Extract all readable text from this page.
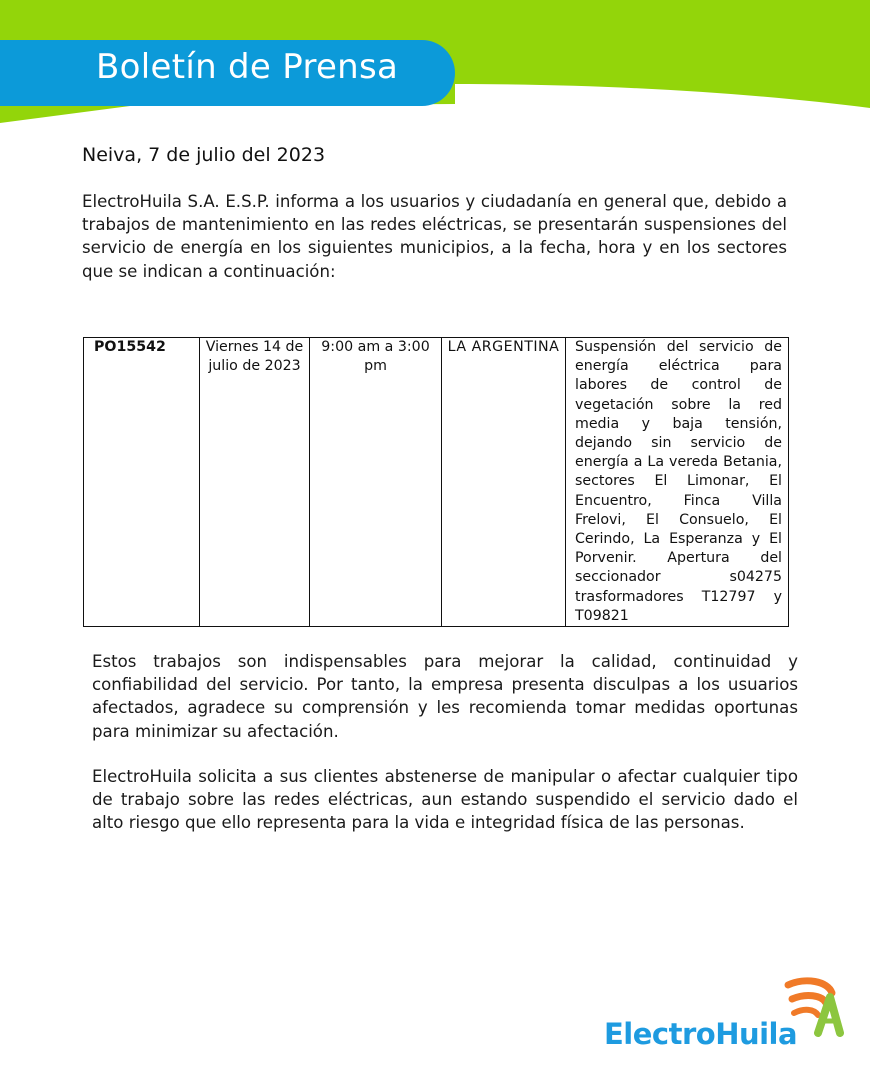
Boletín de Prensa
Neiva, 7 de julio del 2023
ElectroHuila S.A. E.S.P. informa a los usuarios y ciudadanía en general que, debido a trabajos de mantenimiento en las redes eléctricas, se presentarán suspensiones del servicio de energía en los siguientes municipios, a la fecha, hora y en los sectores que se indican a continuación:
PO15542	Viernes 14 de julio de 2023	9:00 am a 3:00 pm	LA ARGENTINA	Suspensión del servicio de energía eléctrica para labores de control de vegetación sobre la red media y baja tensión, dejando sin servicio de energía a La vereda Betania, sectores El Limonar, El Encuentro, Finca Villa Frelovi, El Consuelo, El Cerindo, La Esperanza y El Porvenir. Apertura del seccionador s04275 trasformadores T12797 y T09821
Estos trabajos son indispensables para mejorar la calidad, continuidad y confiabilidad del servicio. Por tanto, la empresa presenta disculpas a los usuarios afectados, agradece su comprensión y les recomienda tomar medidas oportunas para minimizar su afectación.
ElectroHuila solicita a sus clientes abstenerse de manipular o afectar cualquier tipo de trabajo sobre las redes eléctricas, aun estando suspendido el servicio dado el alto riesgo que ello representa para la vida e integridad física de las personas.
ElectroHuila
